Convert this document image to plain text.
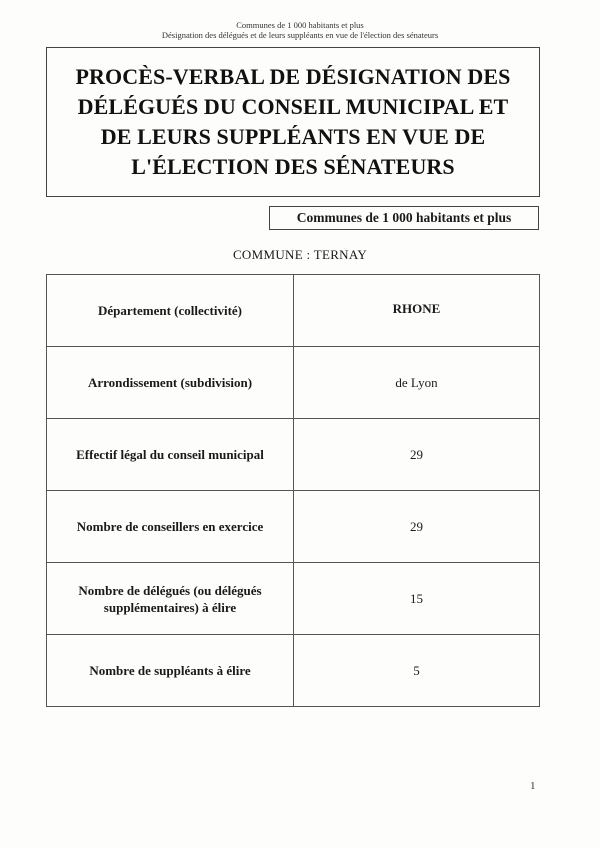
Communes de 1 000 habitants et plus
Désignation des délégués et de leurs suppléants en vue de l'élection des sénateurs
PROCÈS-VERBAL DE DÉSIGNATION DES DÉLÉGUÉS DU CONSEIL MUNICIPAL ET DE LEURS SUPPLÉANTS EN VUE DE L'ÉLECTION DES SÉNATEURS
Communes de 1 000 habitants et plus
COMMUNE : TERNAY
Département (collectivité)	RHONE
Arrondissement (subdivision)	de Lyon
Effectif légal du conseil municipal	29
Nombre de conseillers en exercice	29
Nombre de délégués (ou délégués supplémentaires) à élire	15
Nombre de suppléants à élire	5
1
